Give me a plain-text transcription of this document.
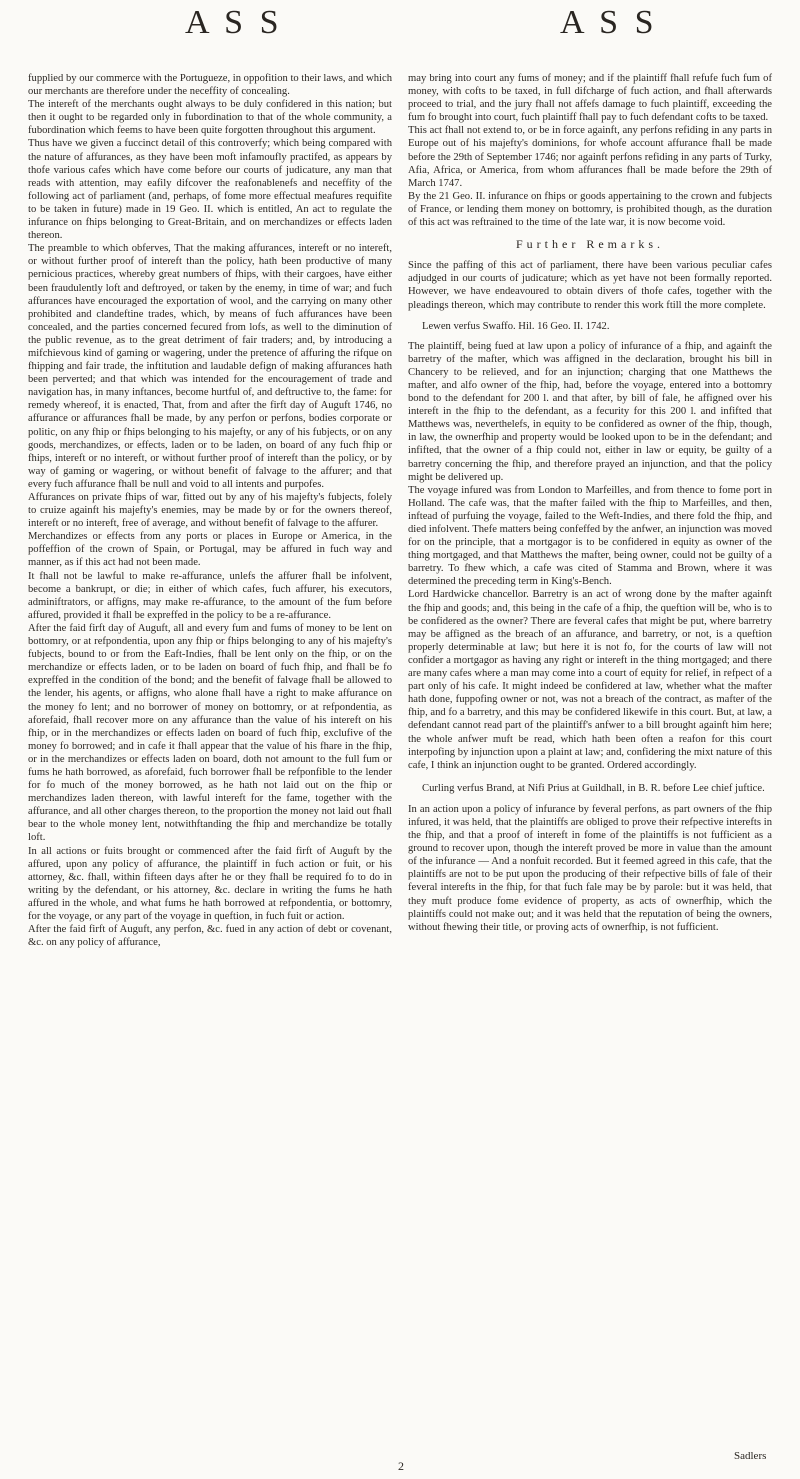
A S S	A S S

fupplied by our commerce with the Portugueze, in oppofition to their laws, and which our merchants are therefore under the neceffity of concealing.

The intereft of the merchants ought always to be duly confidered in this nation; but then it ought to be regarded only in fubordination to that of the whole community, a fubordination which feems to have been quite forgotten throughout this argument.

Thus have we given a fuccinct detail of this controverfy; which being compared with the nature of affurances, as they have been moft infamoufly practifed, as appears by thofe various cafes which have come before our courts of judicature, any man that reads with attention, may eafily difcover the reafonablenefs and neceffity of the following act of parliament (and, perhaps, of fome more effectual meafures requifite to be taken in future) made in 19 Geo. II. which is entitled, An act to regulate the infurance on fhips belonging to Great-Britain, and on merchandizes or effects laden thereon.

The preamble to which obferves, That the making affurances, intereft or no intereft, or without further proof of intereft than the policy, hath been productive of many pernicious practices, whereby great numbers of fhips, with their cargoes, have either been fraudulently loft and deftroyed, or taken by the enemy, in time of war; and fuch affurances have encouraged the exportation of wool, and the carrying on many other prohibited and clandeftine trades, which, by means of fuch affurances have been concealed, and the parties concerned fecured from lofs, as well to the diminution of the public revenue, as to the great detriment of fair traders; and, by introducing a mifchievous kind of gaming or wagering, under the pretence of affuring the rifque on fhipping and fair trade, the inftitution and laudable defign of making affurances hath been perverted; and that which was intended for the encouragement of trade and navigation has, in many inftances, become hurtful of, and deftructive to, the fame: for remedy whereof, it is enacted, That, from and after the firft day of Auguft 1746, no affurance or affurances fhall be made, by any perfon or perfons, bodies corporate or politic, on any fhip or fhips belonging to his majefty, or any of his fubjects, or on any goods, merchandizes, or effects, laden or to be laden, on board of any fuch fhip or fhips, intereft or no intereft, or without further proof of intereft than the policy, or by way of gaming or wagering, or without benefit of falvage to the affurer; and that every fuch affurance fhall be null and void to all intents and purpofes.

Affurances on private fhips of war, fitted out by any of his majefty's fubjects, folely to cruize againft his majefty's enemies, may be made by or for the owners thereof, intereft or no intereft, free of average, and without benefit of falvage to the affurer.

Merchandizes or effects from any ports or places in Europe or America, in the poffeffion of the crown of Spain, or Portugal, may be affured in fuch way and manner, as if this act had not been made.

It fhall not be lawful to make re-affurance, unlefs the affurer fhall be infolvent, become a bankrupt, or die; in either of which cafes, fuch affurer, his executors, adminiftrators, or affigns, may make re-affurance, to the amount of the fum before affured, provided it fhall be expreffed in the policy to be a re-affurance.

After the faid firft day of Auguft, all and every fum and fums of money to be lent on bottomry, or at refpondentia, upon any fhip or fhips belonging to any of his majefty's fubjects, bound to or from the Eaft-Indies, fhall be lent only on the fhip, or on the merchandize or effects laden, or to be laden on board of fuch fhip, and fhall be fo expreffed in the condition of the bond; and the benefit of falvage fhall be allowed to the lender, his agents, or affigns, who alone fhall have a right to make affurance on the money fo lent; and no borrower of money on bottomry, or at refpondentia, as aforefaid, fhall recover more on any affurance than the value of his intereft on his fhip, or in the merchandizes or effects laden on board of fuch fhip, exclufive of the money fo borrowed; and in cafe it fhall appear that the value of his fhare in the fhip, or in the merchandizes or effects laden on board, doth not amount to the full fum or fums he hath borrowed, as aforefaid, fuch borrower fhall be refponfible to the lender for fo much of the money borrowed, as he hath not laid out on the fhip or merchandizes laden thereon, with lawful intereft for the fame, together with the affurance, and all other charges thereon, to the proportion the money not laid out fhall bear to the whole money lent, notwithftanding the fhip and merchandize be totally loft.

In all actions or fuits brought or commenced after the faid firft of Auguft by the affured, upon any policy of affurance, the plaintiff in fuch action or fuit, or his attorney, &c. fhall, within fifteen days after he or they fhall be required fo to do in writing by the defendant, or his attorney, &c. declare in writing the fums he hath affured in the whole, and what fums he hath borrowed at refpondentia, or bottomry, for the voyage, or any part of the voyage in queftion, in fuch fuit or action.

After the faid firft of Auguft, any perfon, &c. fued in any action of debt or covenant, &c. on any policy of affurance,

may bring into court any fums of money; and if the plaintiff fhall refufe fuch fum of money, with cofts to be taxed, in full difcharge of fuch action, and fhall afterwards proceed to trial, and the jury fhall not affefs damage to fuch plaintiff, exceeding the fum fo brought into court, fuch plaintiff fhall pay to fuch defendant cofts to be taxed.

This act fhall not extend to, or be in force againft, any perfons refiding in any parts in Europe out of his majefty's dominions, for whofe account affurance fhall be made before the 29th of September 1746; nor againft perfons refiding in any parts of Turky, Afia, Africa, or America, from whom affurances fhall be made before the 29th of March 1747.

By the 21 Geo. II. infurance on fhips or goods appertaining to the crown and fubjects of France, or lending them money on bottomry, is prohibited though, as the duration of this act was reftrained to the time of the late war, it is now become void.

Further Remarks.

Since the paffing of this act of parliament, there have been various peculiar cafes adjudged in our courts of judicature; which as yet have not been formally reported. However, we have endeavoured to obtain divers of thofe cafes, together with the pleadings thereon, which may contribute to render this work ftill the more complete.

Lewen verfus Swaffo. Hil. 16 Geo. II. 1742.

The plaintiff, being fued at law upon a policy of infurance of a fhip, and againft the barretry of the mafter, which was affigned in the declaration, brought his bill in Chancery to be relieved, and for an injunction; charging that one Matthews the mafter, and alfo owner of the fhip, had, before the voyage, entered into a bottomry bond to the defendant for 200 l. and that after, by bill of fale, he affigned over his intereft in the fhip to the defendant, as a fecurity for this 200 l. and infifted that Matthews was, neverthelefs, in equity to be confidered as owner of the fhip, though, in law, the ownerfhip and property would be looked upon to be in the defendant; and infifted, that the owner of a fhip could not, either in law or equity, be guilty of a barretry concerning the fhip, and therefore prayed an injunction, and that the policy might be delivered up.

The voyage infured was from London to Marfeilles, and from thence to fome port in Holland. The cafe was, that the mafter failed with the fhip to Marfeilles, and then, inftead of purfuing the voyage, failed to the Weft-Indies, and there fold the fhip, and died infolvent. Thefe matters being confeffed by the anfwer, an injunction was moved for on the principle, that a mortgagor is to be confidered in equity as owner of the thing mortgaged, and that Matthews the mafter, being owner, could not be guilty of a barretry. To fhew which, a cafe was cited of Stamma and Brown, where it was determined the preceding term in King's-Bench.

Lord Hardwicke chancellor. Barretry is an act of wrong done by the mafter againft the fhip and goods; and, this being in the cafe of a fhip, the queftion will be, who is to be confidered as the owner? There are feveral cafes that might be put, where barretry may be affigned as the breach of an affurance, and barretry, or not, is a queftion properly determinable at law; but here it is not fo, for the courts of law will not confider a mortgagor as having any right or intereft in the thing mortgaged; and there are many cafes where a man may come into a court of equity for relief, in refpect of a part only of his cafe. It might indeed be confidered at law, whether what the mafter hath done, fuppofing owner or not, was not a breach of the contract, as mafter of the fhip, and fo a barretry, and this may be confidered likewife in this court. But, at law, a defendant cannot read part of the plaintiff's anfwer to a bill brought againft him here; the whole anfwer muft be read, which hath been often a reafon for this court interpofing by injunction upon a plaint at law; and, confidering the mixt nature of this cafe, I think an injunction ought to be granted. Ordered accordingly.

Curling verfus Brand, at Nifi Prius at Guildhall, in B. R. before Lee chief juftice.

In an action upon a policy of infurance by feveral perfons, as part owners of the fhip infured, it was held, that the plaintiffs are obliged to prove their refpective interefts in the fhip, and that a proof of intereft in fome of the plaintiffs is not fufficient as a ground to recover upon, though the intereft proved be more in value than the amount of the infurance — And a nonfuit recorded. But it feemed agreed in this cafe, that the plaintiffs are not to be put upon the producing of their refpective bills of fale of their feveral interefts in the fhip, for that fuch fale may be by parole: but it was held, that they muft produce fome evidence of property, as acts of ownerfhip, which the plaintiffs could not make out; and it was held that the reputation of being the owners, without fhewing their title, or proving acts of ownerfhip, is not fufficient.

Sadlers
2
